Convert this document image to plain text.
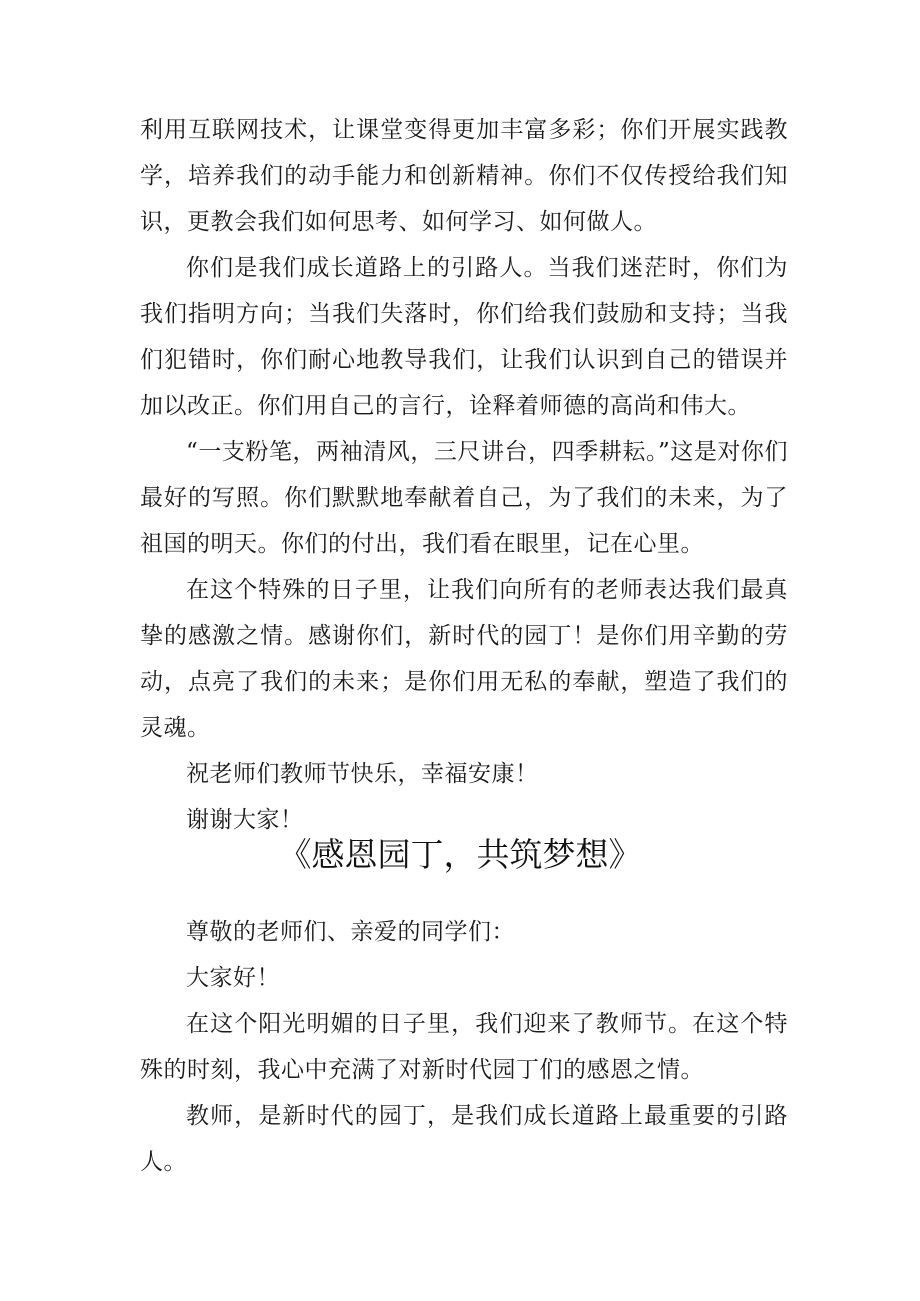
利用互联网技术，让课堂变得更加丰富多彩；你们开展实践教学，培养我们的动手能力和创新精神。你们不仅传授给我们知识，更教会我们如何思考、如何学习、如何做人。

你们是我们成长道路上的引路人。当我们迷茫时，你们为我们指明方向；当我们失落时，你们给我们鼓励和支持；当我们犯错时，你们耐心地教导我们，让我们认识到自己的错误并加以改正。你们用自己的言行，诠释着师德的高尚和伟大。

“一支粉笔，两袖清风，三尺讲台，四季耕耘。”这是对你们最好的写照。你们默默地奉献着自己，为了我们的未来，为了祖国的明天。你们的付出，我们看在眼里，记在心里。

在这个特殊的日子里，让我们向所有的老师表达我们最真挚的感激之情。感谢你们，新时代的园丁！是你们用辛勤的劳动，点亮了我们的未来；是你们用无私的奉献，塑造了我们的灵魂。

祝老师们教师节快乐，幸福安康！

谢谢大家！

《感恩园丁，共筑梦想》

尊敬的老师们、亲爱的同学们：

大家好！

在这个阳光明媚的日子里，我们迎来了教师节。在这个特殊的时刻，我心中充满了对新时代园丁们的感恩之情。

教师，是新时代的园丁，是我们成长道路上最重要的引路人。
